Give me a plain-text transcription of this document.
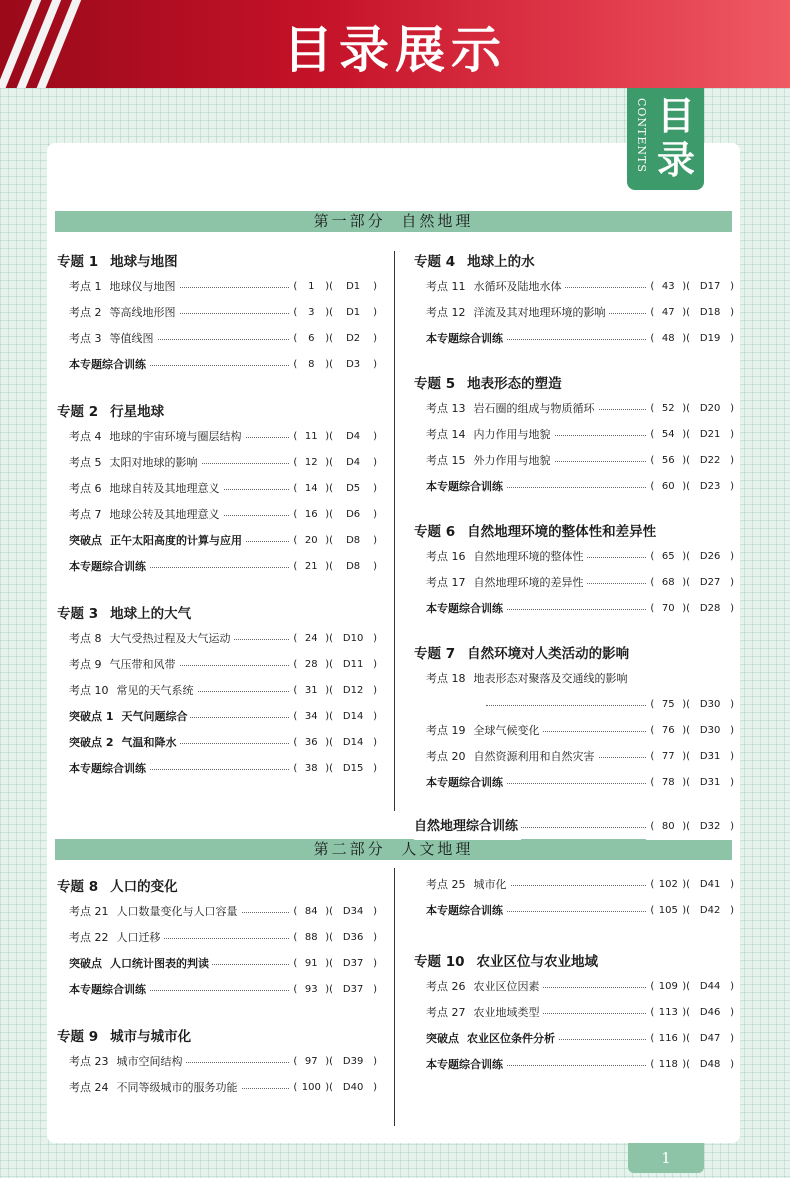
目录展示
CONTENTS 目录
第一部分 自然地理
专题 1 地球与地图
考点 1 地球仪与地图	( 1 )( D1 )
考点 2 等高线地形图	( 3 )( D1 )
考点 3 等值线图	( 6 )( D2 )
本专题综合训练	( 8 )( D3 )
专题 2 行星地球
考点 4 地球的宇宙环境与圈层结构	( 11 )( D4 )
考点 5 太阳对地球的影响	( 12 )( D4 )
考点 6 地球自转及其地理意义	( 14 )( D5 )
考点 7 地球公转及其地理意义	( 16 )( D6 )
突破点 正午太阳高度的计算与应用	( 20 )( D8 )
本专题综合训练	( 21 )( D8 )
专题 3 地球上的大气
考点 8 大气受热过程及大气运动	( 24 )( D10 )
考点 9 气压带和风带	( 28 )( D11 )
考点 10 常见的天气系统	( 31 )( D12 )
突破点 1 天气问题综合	( 34 )( D14 )
突破点 2 气温和降水	( 36 )( D14 )
本专题综合训练	( 38 )( D15 )
专题 4 地球上的水
考点 11 水循环及陆地水体	( 43 )( D17 )
考点 12 洋流及其对地理环境的影响	( 47 )( D18 )
本专题综合训练	( 48 )( D19 )
专题 5 地表形态的塑造
考点 13 岩石圈的组成与物质循环	( 52 )( D20 )
考点 14 内力作用与地貌	( 54 )( D21 )
考点 15 外力作用与地貌	( 56 )( D22 )
本专题综合训练	( 60 )( D23 )
专题 6 自然地理环境的整体性和差异性
考点 16 自然地理环境的整体性	( 65 )( D26 )
考点 17 自然地理环境的差异性	( 68 )( D27 )
本专题综合训练	( 70 )( D28 )
专题 7 自然环境对人类活动的影响
考点 18 地表形态对聚落及交通线的影响
( 75 )( D30 )
考点 19 全球气候变化	( 76 )( D30 )
考点 20 自然资源利用和自然灾害	( 77 )( D31 )
本专题综合训练	( 78 )( D31 )
自然地理综合训练	( 80 )( D32 )
第二部分 人文地理
专题 8 人口的变化
考点 21 人口数量变化与人口容量	( 84 )( D34 )
考点 22 人口迁移	( 88 )( D36 )
突破点 人口统计图表的判读	( 91 )( D37 )
本专题综合训练	( 93 )( D37 )
专题 9 城市与城市化
考点 23 城市空间结构	( 97 )( D39 )
考点 24 不同等级城市的服务功能	( 100 )( D40 )
考点 25 城市化	( 102 )( D41 )
本专题综合训练	( 105 )( D42 )
专题 10 农业区位与农业地域
考点 26 农业区位因素	( 109 )( D44 )
考点 27 农业地域类型	( 113 )( D46 )
突破点 农业区位条件分析	( 116 )( D47 )
本专题综合训练	( 118 )( D48 )
1
